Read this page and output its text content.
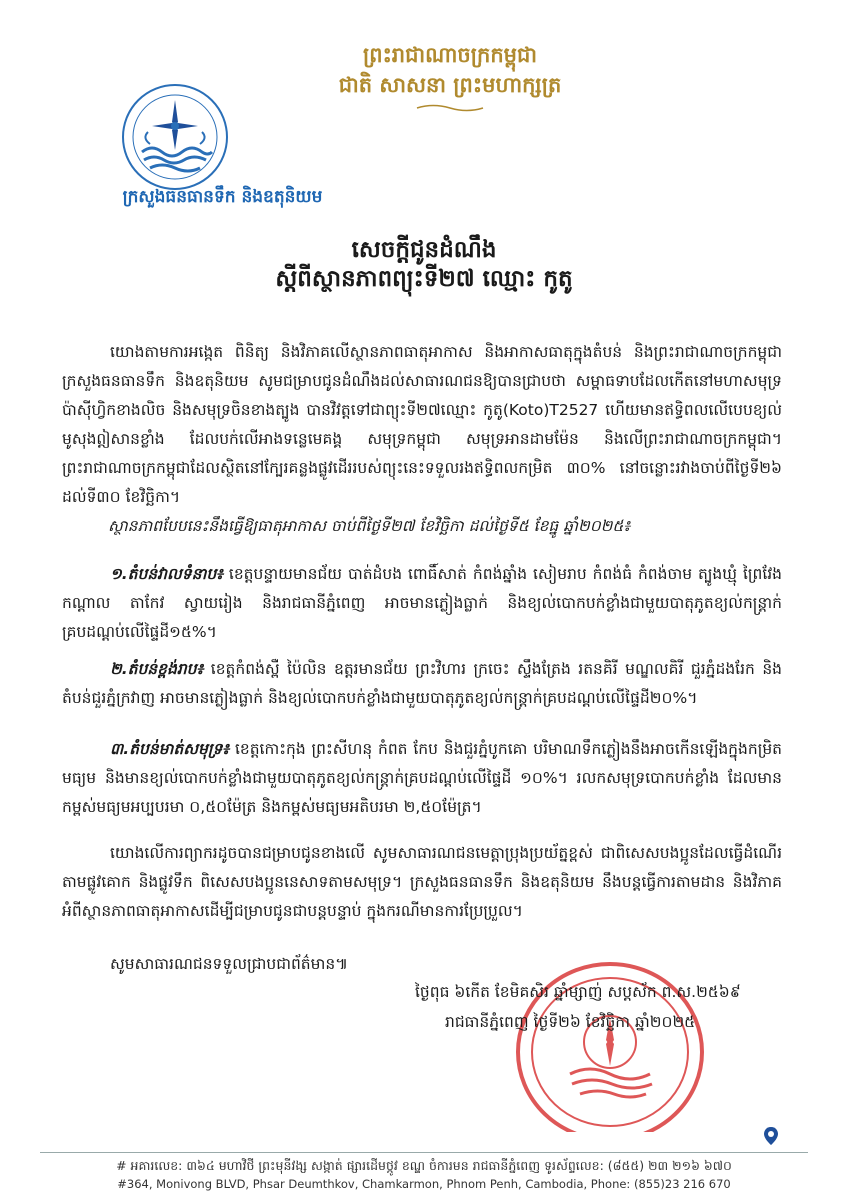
ព្រះរាជាណាចក្រកម្ពុជា
ជាតិ សាសនា ព្រះមហាក្សត្រ
ក្រសួងធនធានទឹក និងឧតុនិយម
សេចក្តីជូនដំណឹង
ស្តីពីស្ថានភាពព្យុះទី២៧ ឈ្មោះ កូតូ
យោងតាមការអង្កេត ពិនិត្យ និងវិភាគលើស្ថានភាពធាតុអាកាស និងអាកាសធាតុក្នុងតំបន់ និងព្រះរាជាណាចក្រកម្ពុជា ក្រសួងធនធានទឹក និងឧតុនិយម សូមជម្រាបជូនដំណឹងដល់សាធារណជនឱ្យបានជ្រាបថា សម្ពាធទាបដែលកើតនៅមហាសមុទ្រប៉ាស៊ីហ្វិកខាងលិច និងសមុទ្រចិនខាងត្បូង បានវិវត្តទៅជាព្យុះទី២៧ឈ្មោះ កូតូ(Koto)T2527 ហើយមានឥទ្ធិពលលើបេបខ្យល់មូសុងឦសានខ្លាំង ដែលបក់លើអាងទន្លេមេគង្គ សមុទ្រកម្ពុជា សមុទ្រអានដាមម៉ែន និងលើព្រះរាជាណាចក្រកម្ពុជា។ ព្រះរាជាណាចក្រកម្ពុជាដែលស្ថិតនៅក្បែរគន្លងផ្លូវដើររបស់ព្យុះនេះទទួលរងឥទ្ធិពលកម្រិត ៣០% នៅចន្លោះរវាងចាប់ពីថ្ងៃទី២៦ ដល់ទី៣០ ខែវិច្ឆិកា។
ស្ថានភាពបែបនេះនឹងធ្វើឱ្យធាតុអាកាស ចាប់ពីថ្ងៃទី២៧ ខែវិច្ឆិកា ដល់ថ្ងៃទី៥ ខែធ្នូ ឆ្នាំ២០២៥៖
១.តំបន់វាលទំនាប៖ ខេត្តបន្ទាយមានជ័យ បាត់ដំបង ពោធិ៍សាត់ កំពង់ឆ្នាំង សៀមរាប កំពង់ធំ កំពង់ចាម ត្បូងឃ្មុំ ព្រៃវែង កណ្តាល តាកែវ ស្វាយរៀង និងរាជធានីភ្នំពេញ អាចមានភ្លៀងធ្លាក់ និងខ្យល់បោកបក់ខ្លាំងជាមួយបាតុភូតខ្យល់កន្ត្រាក់គ្របដណ្តប់លើផ្ទៃដី១៥%។
២.តំបន់ខ្ពង់រាប៖ ខេត្តកំពង់ស្ពឺ ប៉ៃលិន ឧត្តរមានជ័យ ព្រះវិហារ ក្រចេះ ស្ទឹងត្រែង រតនគិរី មណ្ឌលគិរី ជួរភ្នំដងរែក និងតំបន់ជួរភ្នំក្រវាញ អាចមានភ្លៀងធ្លាក់ និងខ្យល់បោកបក់ខ្លាំងជាមួយបាតុភូតខ្យល់កន្ត្រាក់គ្របដណ្តប់លើផ្ទៃដី២០%។
៣.តំបន់មាត់សមុទ្រ៖ ខេត្តកោះកុង ព្រះសីហនុ កំពត កែប និងជួរភ្នំបូកគោ បរិមាណទឹកភ្លៀងនឹងអាចកើនឡើងក្នុងកម្រិតមធ្យម និងមានខ្យល់បោកបក់ខ្លាំងជាមួយបាតុភូតខ្យល់កន្ត្រាក់គ្របដណ្តប់លើផ្ទៃដី ១០%។ រលកសមុទ្របោកបក់ខ្លាំង ដែលមានកម្ពស់មធ្យមអប្បបរមា ០,៥០ម៉ែត្រ និងកម្ពស់មធ្យមអតិបរមា ២,៥០ម៉ែត្រ។
យោងលើការព្យាករដូចបានជម្រាបជូនខាងលើ សូមសាធារណជនមេត្តាប្រុងប្រយ័ត្នខ្ពស់ ជាពិសេសបងប្អូនដែលធ្វើដំណើរតាមផ្លូវគោក និងផ្លូវទឹក ពិសេសបងប្អូននេសាទតាមសមុទ្រ។ ក្រសួងធនធានទឹក និងឧតុនិយម នឹងបន្តធ្វើការតាមដាន និងវិភាគអំពីស្ថានភាពធាតុអាកាសដើម្បីជម្រាបជូនជាបន្តបន្ទាប់ ក្នុងករណីមានការប្រែប្រួល។
សូមសាធារណជនទទួលជ្រាបជាព័ត៌មាន៕
ថ្ងៃពុធ ៦កើត ខែមិគសិរ ឆ្នាំម្សាញ់ សប្តស័ក ព.ស.២៥៦៩
រាជធានីភ្នំពេញ ថ្ងៃទី២៦ ខែវិច្ឆិកា ឆ្នាំ២០២៥
# អគារលេខ: ៣៦៤ មហាវិថី ព្រះមុនីវង្ស សង្កាត់ ផ្សារដើមថ្កូវ ខណ្ឌ ចំការមន រាជធានីភ្នំពេញ ទូរស័ព្ទលេខ: (៨៥៥) ២៣ ២១៦ ៦៧០
#364, Monivong BLVD, Phsar Deumthkov, Chamkarmon, Phnom Penh, Cambodia, Phone: (855)23 216 670
